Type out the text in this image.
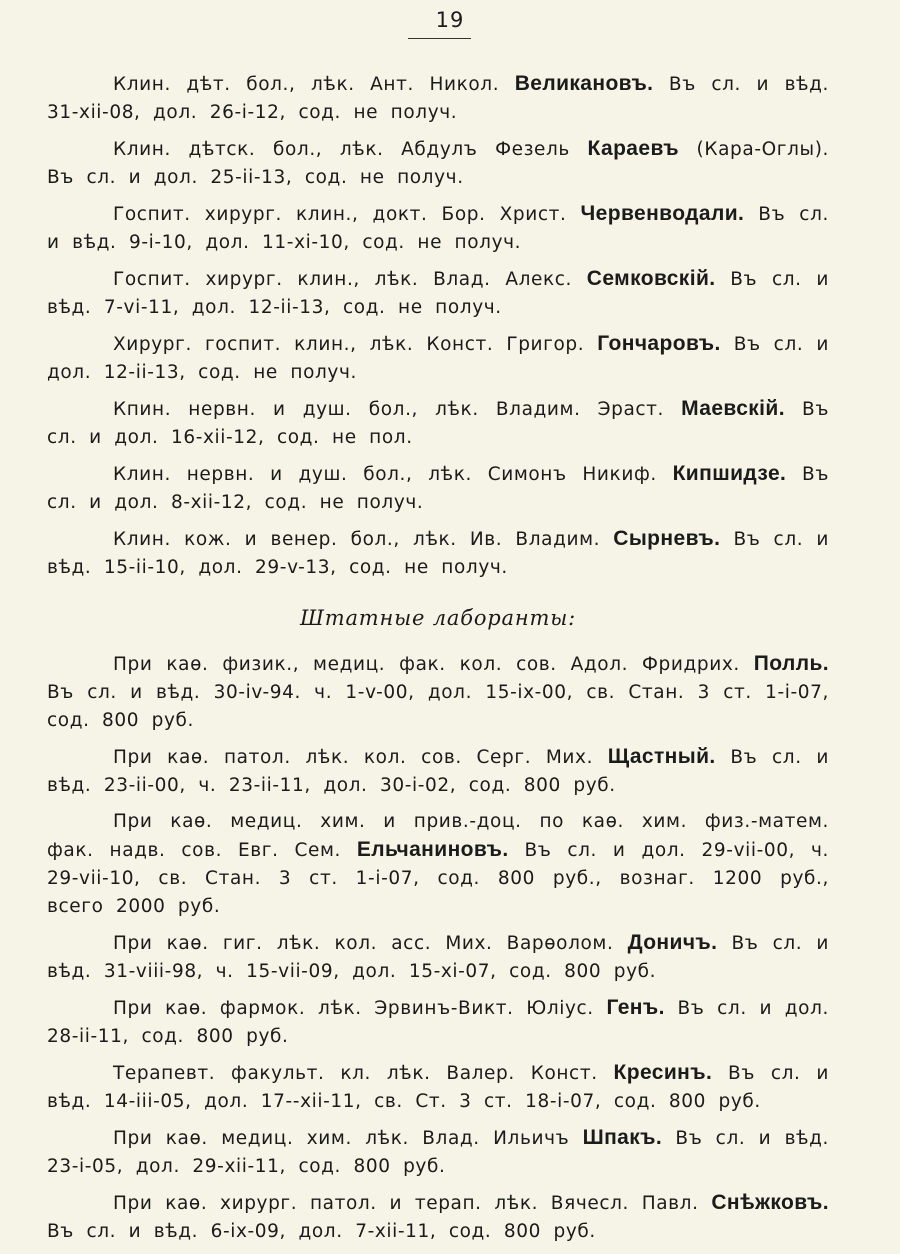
19

Клин. дѣт. бол., лѣк. Ант. Никол. Великановъ. Въ сл. и вѣд. 31-xii-08, дол. 26-i-12, сод. не получ.

Клин. дѣтск. бол., лѣк. Абдулъ Фезель Караевъ (Кара-Оглы). Въ сл. и дол. 25-ii-13, сод. не получ.

Госпит. хирург. клин., докт. Бор. Христ. Червенводали. Въ сл. и вѣд. 9-i-10, дол. 11-xi-10, сод. не получ.

Госпит. хирург. клин., лѣк. Влад. Алекс. Семковскій. Въ сл. и вѣд. 7-vi-11, дол. 12-ii-13, сод. не получ.

Хирург. госпит. клин., лѣк. Конст. Григор. Гончаровъ. Въ сл. и дол. 12-ii-13, сод. не получ.

Кпин. нервн. и душ. бол., лѣк. Владим. Эраст. Маевскій. Въ сл. и дол. 16-xii-12, сод. не пол.

Клин. нервн. и душ. бол., лѣк. Симонъ Никиф. Кипшидзе. Въ сл. и дол. 8-xii-12, сод. не получ.

Клин. кож. и венер. бол., лѣк. Ив. Владим. Сырневъ. Въ сл. и вѣд. 15-ii-10, дол. 29-v-13, сод. не получ.

Штатные лаборанты:

При каѳ. физик., медиц. фак. кол. сов. Адол. Фридрих. Полль. Въ сл. и вѣд. 30-iv-94. ч. 1-v-00, дол. 15-ix-00, св. Стан. 3 ст. 1-i-07, сод. 800 руб.

При каѳ. патол. лѣк. кол. сов. Серг. Мих. Щастный. Въ сл. и вѣд. 23-ii-00, ч. 23-ii-11, дол. 30-i-02, сод. 800 руб.

При каѳ. медиц. хим. и прив.-доц. по каѳ. хим. физ.-матем. фак. надв. сов. Евг. Сем. Ельчаниновъ. Въ сл. и дол. 29-vii-00, ч. 29-vii-10, св. Стан. 3 ст. 1-i-07, сод. 800 руб., вознаг. 1200 руб., всего 2000 руб.

При каѳ. гиг. лѣк. кол. асс. Мих. Варѳолом. Доничъ. Въ сл. и вѣд. 31-viii-98, ч. 15-vii-09, дол. 15-xi-07, сод. 800 руб.

При каѳ. фармок. лѣк. Эрвинъ-Викт. Юліус. Генъ. Въ сл. и дол. 28-ii-11, сод. 800 руб.

Терапевт. факульт. кл. лѣк. Валер. Конст. Кресинъ. Въ сл. и вѣд. 14-iii-05, дол. 17--xii-11, св. Ст. 3 ст. 18-i-07, сод. 800 руб.

При каѳ. медиц. хим. лѣк. Влад. Ильичъ Шпакъ. Въ сл. и вѣд. 23-i-05, дол. 29-xii-11, сод. 800 руб.

При каѳ. хирург. патол. и терап. лѣк. Вячесл. Павл. Снѣжковъ. Въ сл. и вѣд. 6-ix-09, дол. 7-xii-11, сод. 800 руб.
